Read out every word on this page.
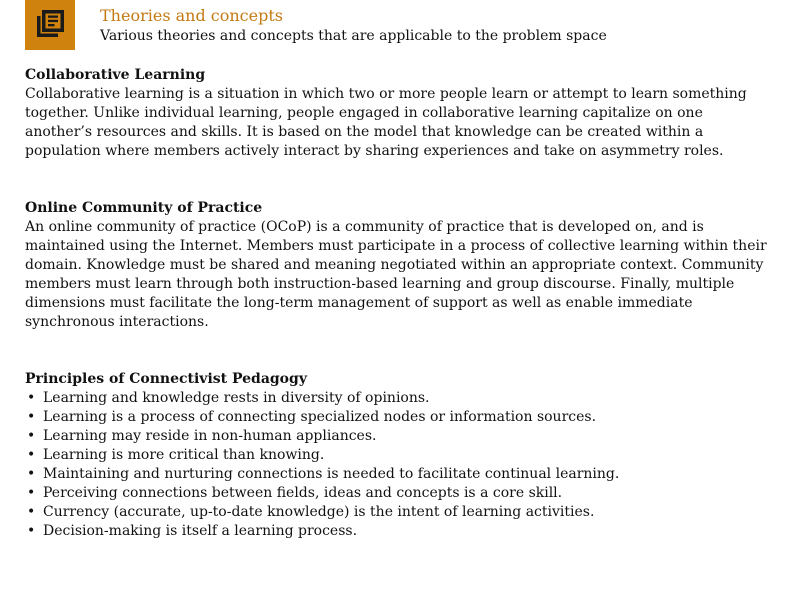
Theories and concepts
Various theories and concepts that are applicable to the problem space

Collaborative Learning

Collaborative learning is a situation in which two or more people learn or attempt to learn something together. Unlike individual learning, people engaged in collaborative learning capitalize on one another’s resources and skills. It is based on the model that knowledge can be created within a population where members actively interact by sharing experiences and take on asymmetry roles.

Online Community of Practice

An online community of practice (OCoP) is a community of practice that is developed on, and is maintained using the Internet. Members must participate in a process of collective learning within their domain. Knowledge must be shared and meaning negotiated within an appropriate context. Community members must learn through both instruction-based learning and group discourse. Finally, multiple dimensions must facilitate the long-term management of support as well as enable immediate synchronous interactions.

Principles of Connectivist Pedagogy

• Learning and knowledge rests in diversity of opinions.
• Learning is a process of connecting specialized nodes or information sources.
• Learning may reside in non-human appliances.
• Learning is more critical than knowing.
• Maintaining and nurturing connections is needed to facilitate continual learning.
• Perceiving connections between fields, ideas and concepts is a core skill.
• Currency (accurate, up-to-date knowledge) is the intent of learning activities.
• Decision-making is itself a learning process.
